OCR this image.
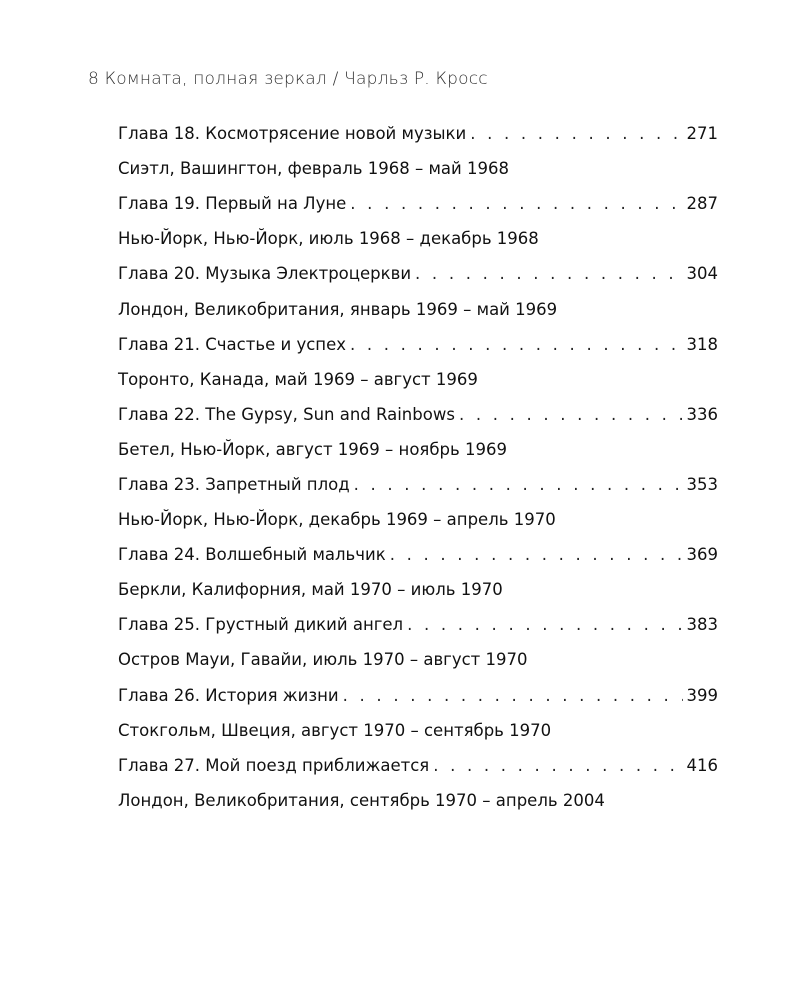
8 Комната, полная зеркал / Чарльз Р. Кросс
Глава 18. Космотрясение новой музыки . . .	271
Сиэтл, Вашингтон, февраль 1968 – май 1968
Глава 19. Первый на Луне . . .	287
Нью-Йорк, Нью-Йорк, июль 1968 – декабрь 1968
Глава 20. Музыка Электроцеркви . . .	304
Лондон, Великобритания, январь 1969 – май 1969
Глава 21. Счастье и успех . . .	318
Торонто, Канада, май 1969 – август 1969
Глава 22. The Gypsy, Sun and Rainbows . . .	336
Бетел, Нью-Йорк, август 1969 – ноябрь 1969
Глава 23. Запретный плод . . .	353
Нью-Йорк, Нью-Йорк, декабрь 1969 – апрель 1970
Глава 24. Волшебный мальчик . . .	369
Беркли, Калифорния, май 1970 – июль 1970
Глава 25. Грустный дикий ангел . . .	383
Остров Мауи, Гавайи, июль 1970 – август 1970
Глава 26. История жизни . . .	399
Стокгольм, Швеция, август 1970 – сентябрь 1970
Глава 27. Мой поезд приближается . . .	416
Лондон, Великобритания, сентябрь 1970 – апрель 2004
